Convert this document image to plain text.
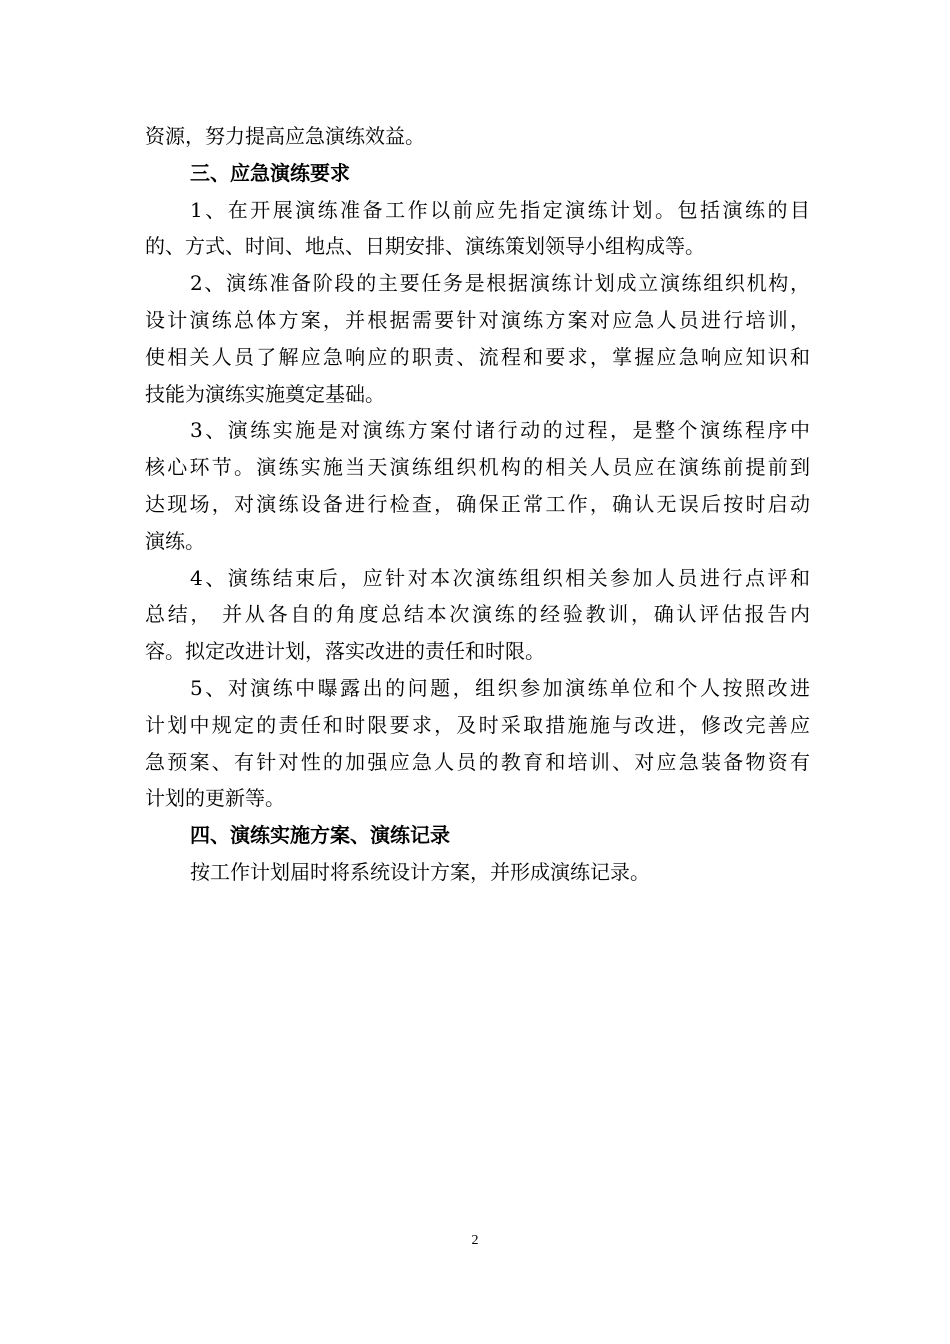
资源，努力提高应急演练效益。
三、应急演练要求
1、在开展演练准备工作以前应先指定演练计划。包括演练的目
的、方式、时间、地点、日期安排、演练策划领导小组构成等。
2、演练准备阶段的主要任务是根据演练计划成立演练组织机构，
设计演练总体方案，并根据需要针对演练方案对应急人员进行培训，
使相关人员了解应急响应的职责、流程和要求，掌握应急响应知识和
技能为演练实施奠定基础。
3、演练实施是对演练方案付诸行动的过程，是整个演练程序中
核心环节。演练实施当天演练组织机构的相关人员应在演练前提前到
达现场，对演练设备进行检查，确保正常工作，确认无误后按时启动
演练。
4、演练结束后，应针对本次演练组织相关参加人员进行点评和
总结， 并从各自的角度总结本次演练的经验教训，确认评估报告内
容。拟定改进计划，落实改进的责任和时限。
5、对演练中曝露出的问题，组织参加演练单位和个人按照改进
计划中规定的责任和时限要求，及时采取措施施与改进，修改完善应
急预案、有针对性的加强应急人员的教育和培训、对应急装备物资有
计划的更新等。
四、演练实施方案、演练记录
按工作计划届时将系统设计方案，并形成演练记录。
2
